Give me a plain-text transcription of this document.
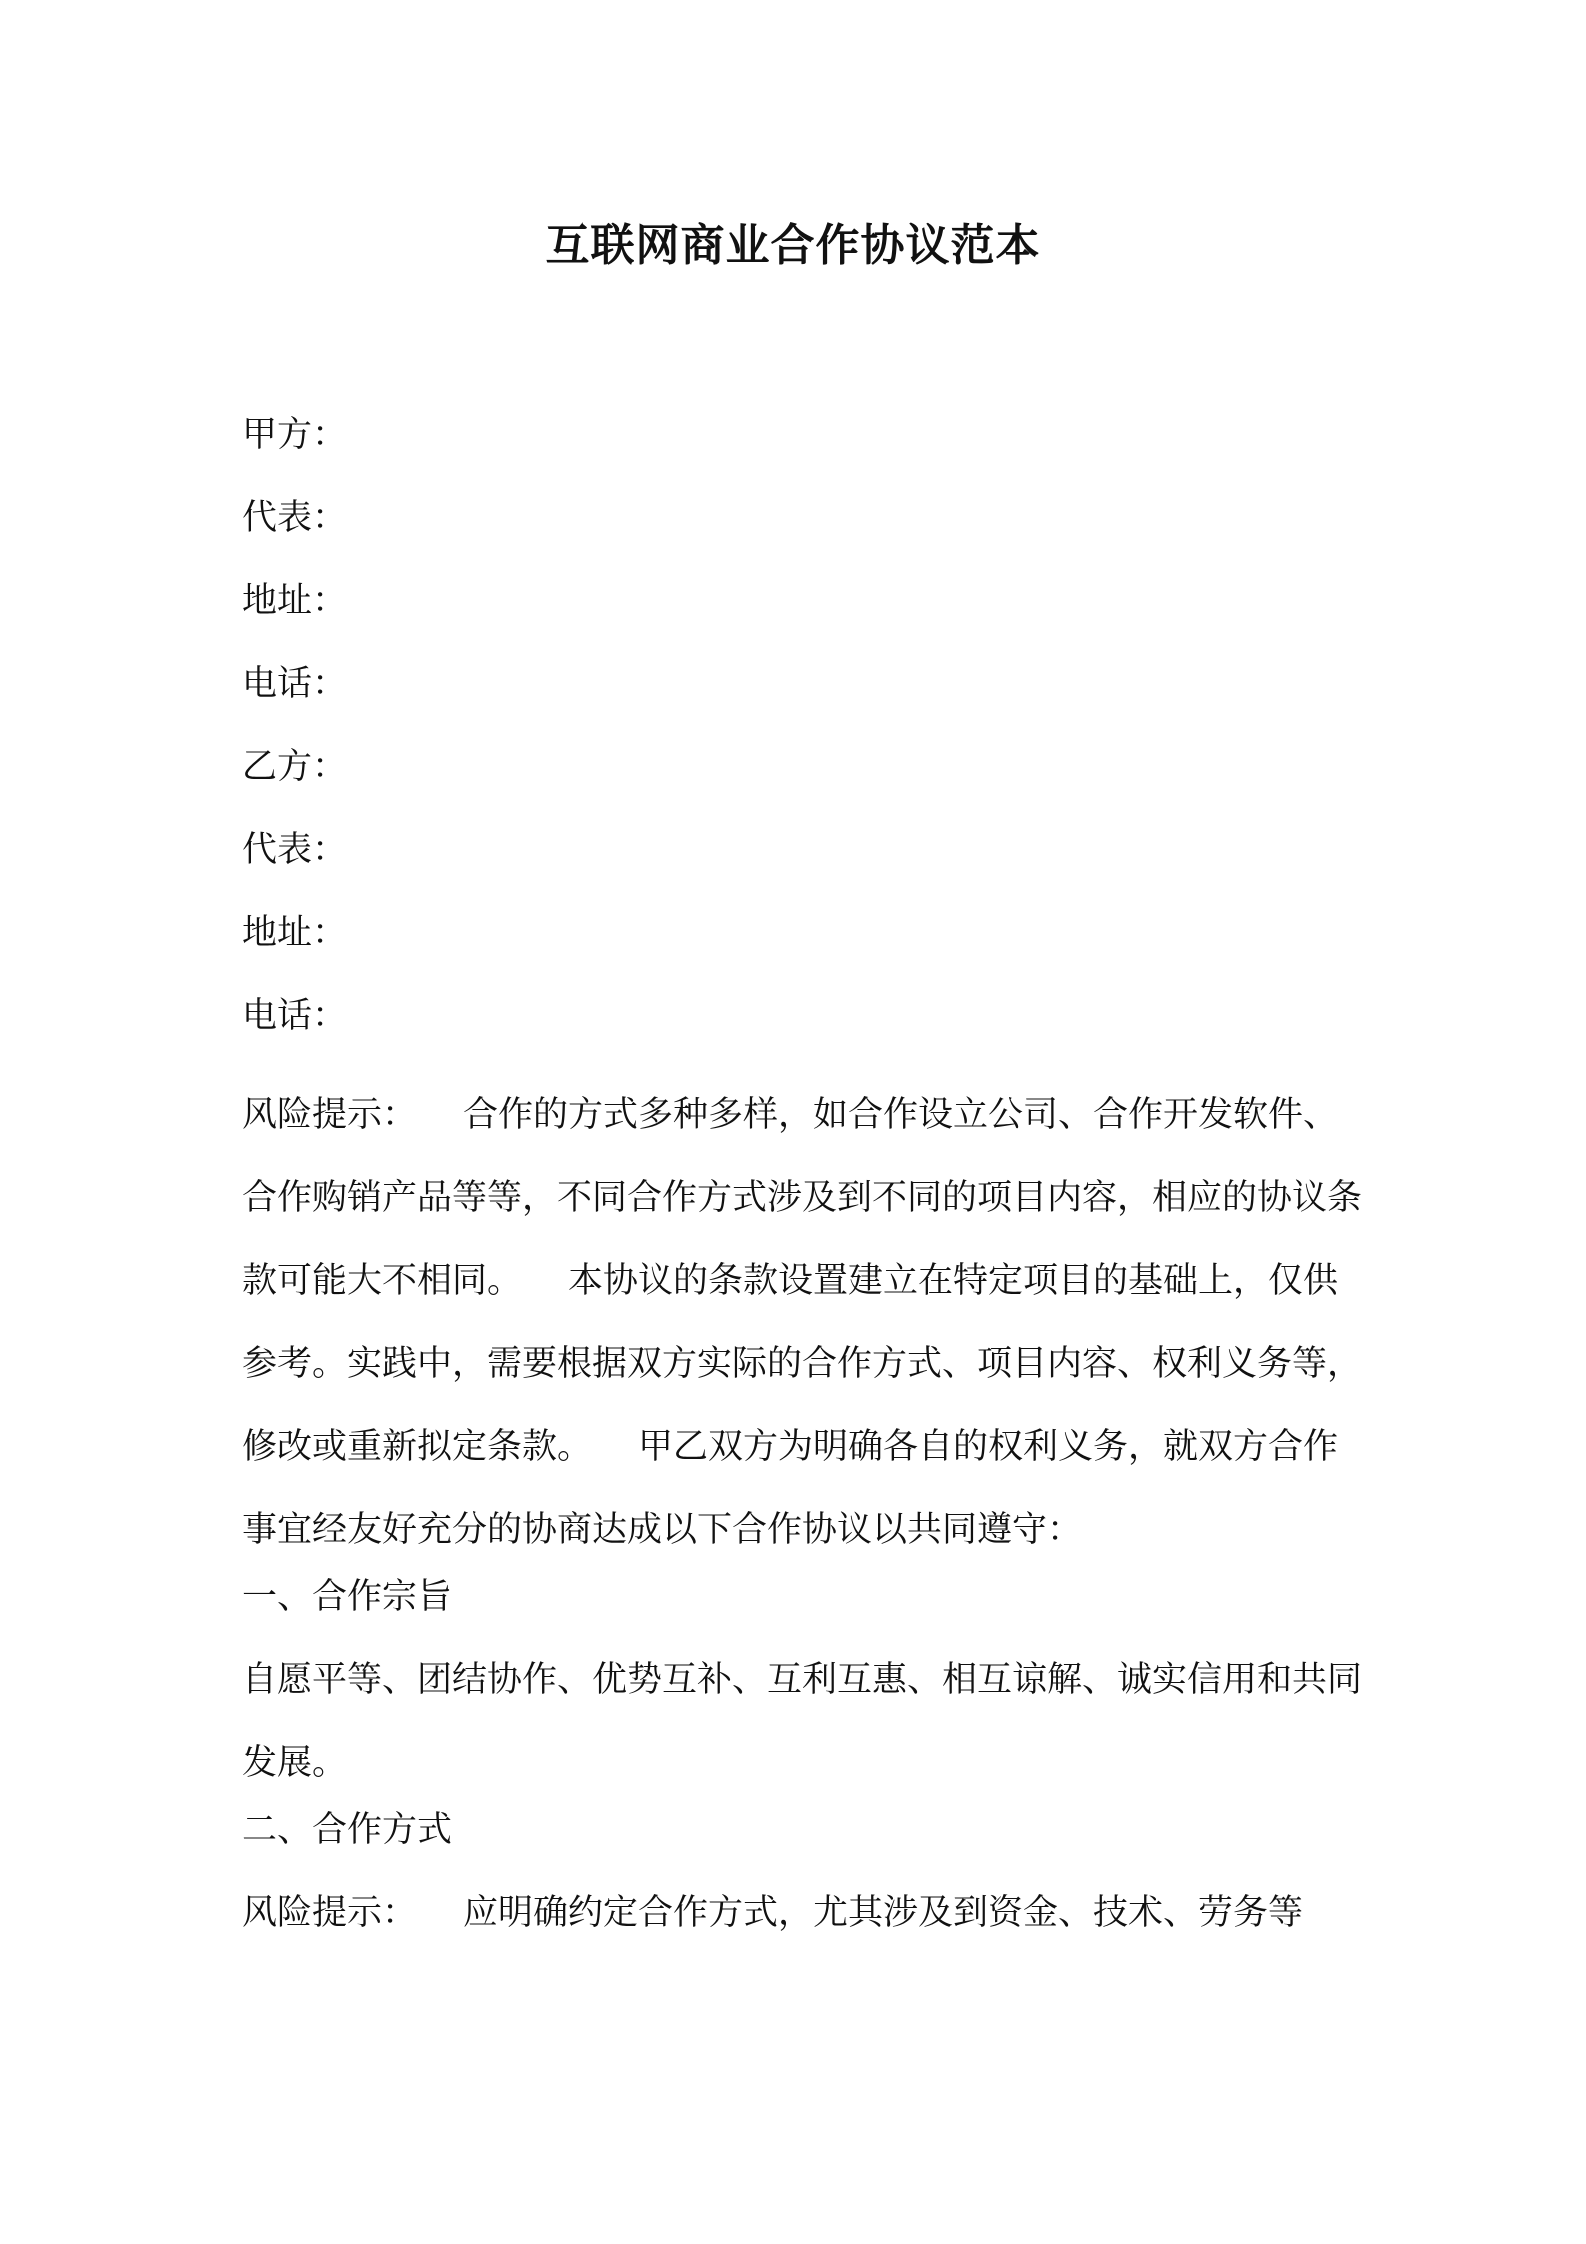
互联网商业合作协议范本
甲方：
代表：
地址：
电话：
乙方：
代表：
地址：
电话：
风险提示： 合作的方式多种多样，如合作设立公司、合作开发软件、合作购销产品等等，不同合作方式涉及到不同的项目内容，相应的协议条款可能大不相同。 本协议的条款设置建立在特定项目的基础上，仅供参考。实践中，需要根据双方实际的合作方式、项目内容、权利义务等，修改或重新拟定条款。 甲乙双方为明确各自的权利义务，就双方合作事宜经友好充分的协商达成以下合作协议以共同遵守：
一、合作宗旨
自愿平等、团结协作、优势互补、互利互惠、相互谅解、诚实信用和共同发展。
二、合作方式
风险提示： 应明确约定合作方式，尤其涉及到资金、技术、劳务等
